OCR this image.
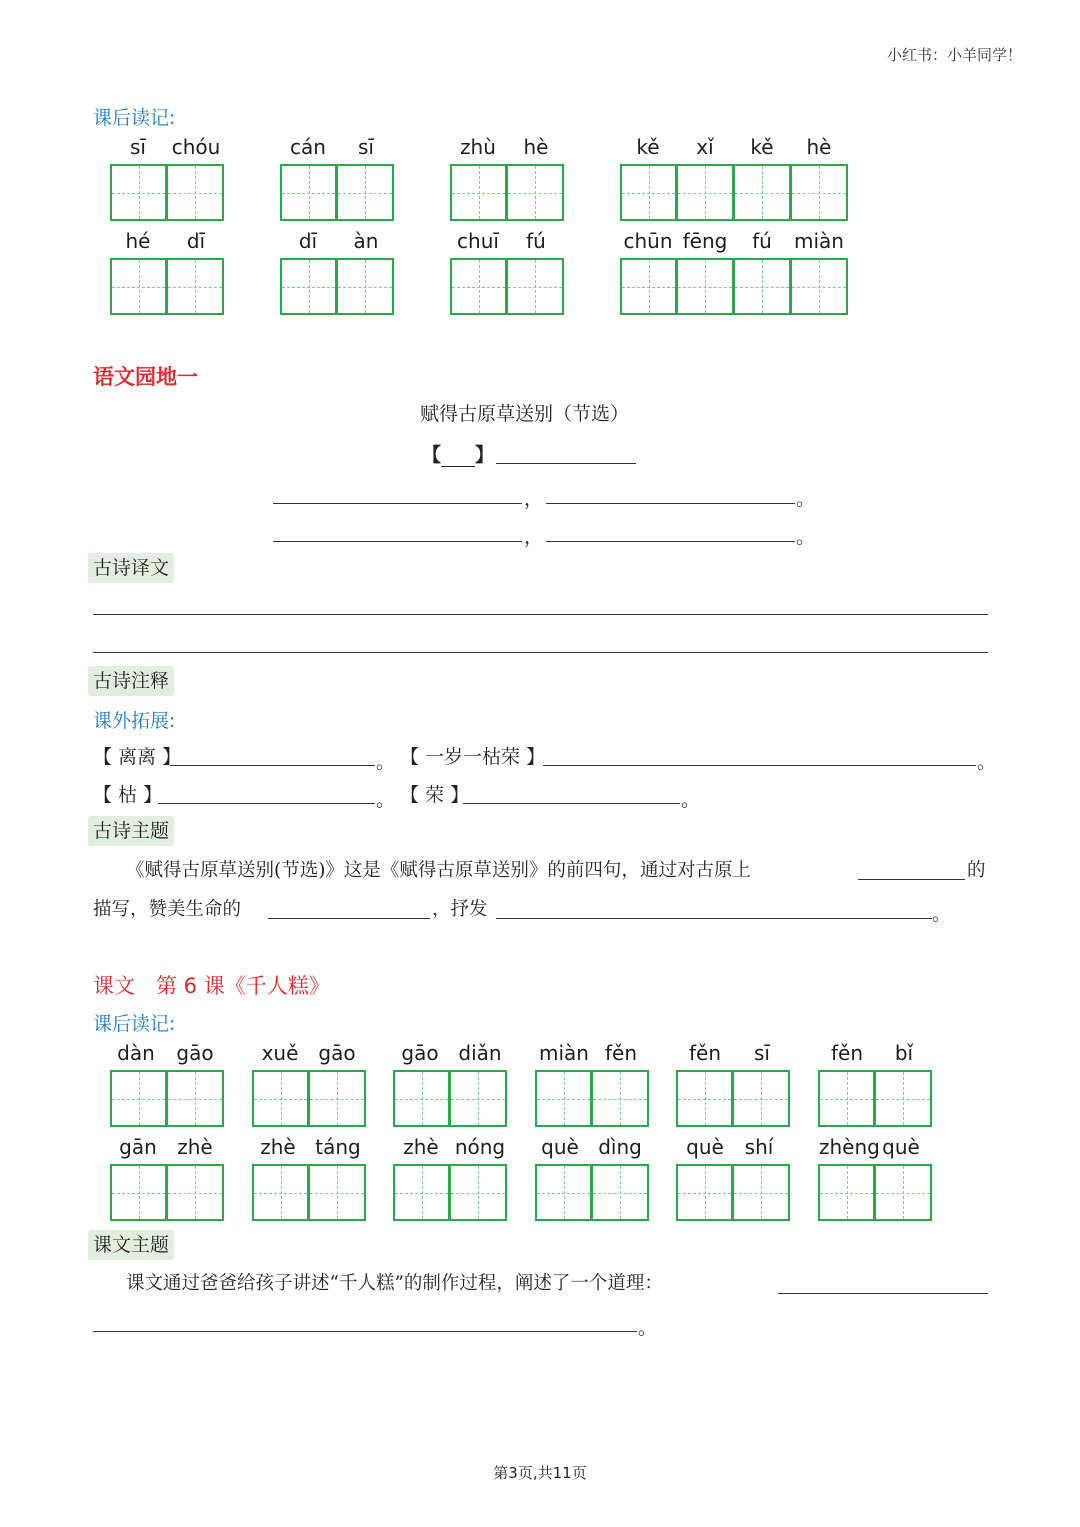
小红书：小羊同学！
课后读记:
sī	chóu	cán	sī	zhù	hè	kě	xǐ	kě	hè
hé	dī	dī	àn	chuī	fú	chūn fēng	fú	miàn
语文园地一
赋得古原草送别（节选）
【 】
，	。
，	。
古诗译文
古诗注释
课外拓展:
【 离离 】	。 【 一岁一枯荣 】	。
【 枯 】	。 【 荣 】	。
古诗主题
《赋得古原草送别(节选)》这是《赋得古原草送别》的前四句，通过对古原上	的
描写，赞美生命的	，抒发	。
课文　第 6 课《千人糕》
课后读记:
dàn	gāo	xuě	gāo	gāo diǎn	miàn fěn	fěn	sī	fěn	bǐ
gān	zhè	zhè táng	zhè nóng	què dìng	què	shí	zhèng què
课文主题
课文通过爸爸给孩子讲述“千人糕”的制作过程，阐述了一个道理：
。
第3页,共11页
